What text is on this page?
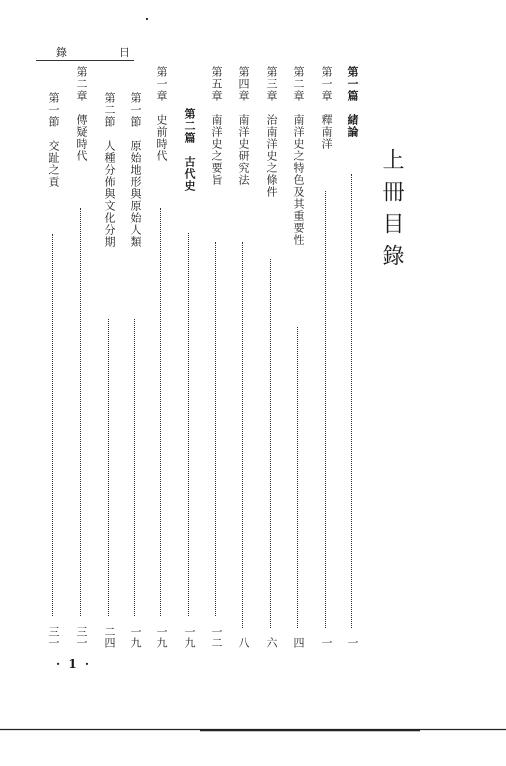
錄	日
上冊目錄
第一篇　緒論
一
第一章　釋南洋
一
第二章　南洋史之特色及其重要性
四
第三章　治南洋史之條件
六
第四章　南洋史研究法
八
第五章　南洋史之要旨
一二
第二篇　古代史
一九
第一章　史前時代
一九
第一節　原始地形與原始人類
一九
第二節　人種分佈與文化分期
二四
第二章　傳疑時代
三一
第一節　交趾之貢
三一
· 1 ·
